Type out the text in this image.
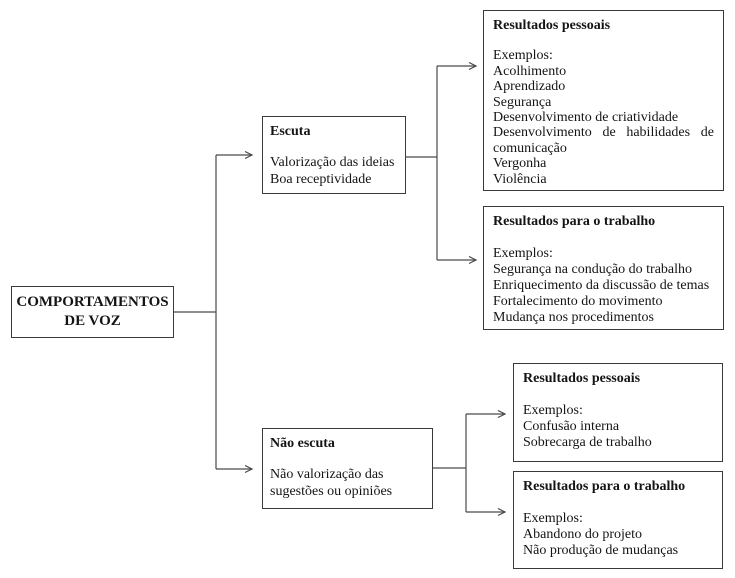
COMPORTAMENTOS DE VOZ
Escuta
Valorização das ideias
Boa receptividade
Não escuta
Não valorização das sugestões ou opiniões
Resultados pessoais
Exemplos:
Acolhimento
Aprendizado
Segurança
Desenvolvimento de criatividade
Desenvolvimento de habilidades de comunicação
Vergonha
Violência
Resultados para o trabalho
Exemplos:
Segurança na condução do trabalho
Enriquecimento da discussão de temas
Fortalecimento do movimento
Mudança nos procedimentos
Resultados pessoais
Exemplos:
Confusão interna
Sobrecarga de trabalho
Resultados para o trabalho
Exemplos:
Abandono do projeto
Não produção de mudanças
